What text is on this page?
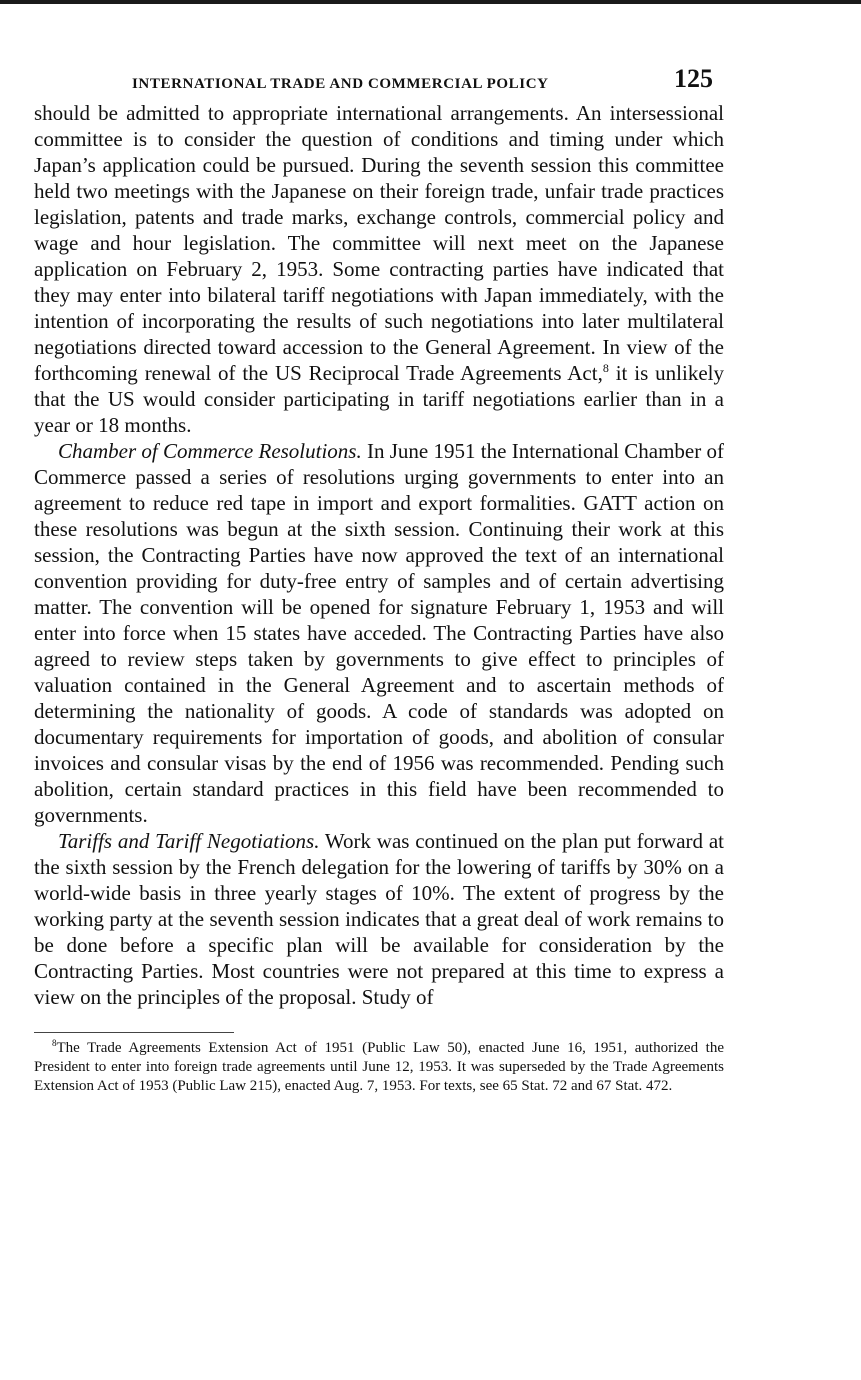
INTERNATIONAL TRADE AND COMMERCIAL POLICY	125

should be admitted to appropriate international arrangements. An intersessional committee is to consider the question of conditions and timing under which Japan’s application could be pursued. During the seventh session this committee held two meetings with the Japanese on their foreign trade, unfair trade practices legislation, patents and trade marks, exchange controls, commercial policy and wage and hour legislation. The committee will next meet on the Japanese application on February 2, 1953. Some contracting parties have indicated that they may enter into bilateral tariff negotiations with Japan immediately, with the intention of incorporating the results of such negotiations into later multilateral negotiations directed toward accession to the General Agreement. In view of the forthcoming renewal of the US Reciprocal Trade Agreements Act,$^8$ it is unlikely that the US would consider participating in tariff negotiations earlier than in a year or 18 months.

Chamber of Commerce Resolutions. In June 1951 the International Chamber of Commerce passed a series of resolutions urging governments to enter into an agreement to reduce red tape in import and export formalities. GATT action on these resolutions was begun at the sixth session. Continuing their work at this session, the Contracting Parties have now approved the text of an international convention providing for duty-free entry of samples and of certain advertising matter. The convention will be opened for signature February 1, 1953 and will enter into force when 15 states have acceded. The Contracting Parties have also agreed to review steps taken by governments to give effect to principles of valuation contained in the General Agreement and to ascertain methods of determining the nationality of goods. A code of standards was adopted on documentary requirements for importation of goods, and abolition of consular invoices and consular visas by the end of 1956 was recommended. Pending such abolition, certain standard practices in this field have been recommended to governments.

Tariffs and Tariff Negotiations. Work was continued on the plan put forward at the sixth session by the French delegation for the lowering of tariffs by 30% on a world-wide basis in three yearly stages of 10%. The extent of progress by the working party at the seventh session indicates that a great deal of work remains to be done before a specific plan will be available for consideration by the Contracting Parties. Most countries were not prepared at this time to express a view on the principles of the proposal. Study of

$^8$The Trade Agreements Extension Act of 1951 (Public Law 50), enacted June 16, 1951, authorized the President to enter into foreign trade agreements until June 12, 1953. It was superseded by the Trade Agreements Extension Act of 1953 (Public Law 215), enacted Aug. 7, 1953. For texts, see 65 Stat. 72 and 67 Stat. 472.
